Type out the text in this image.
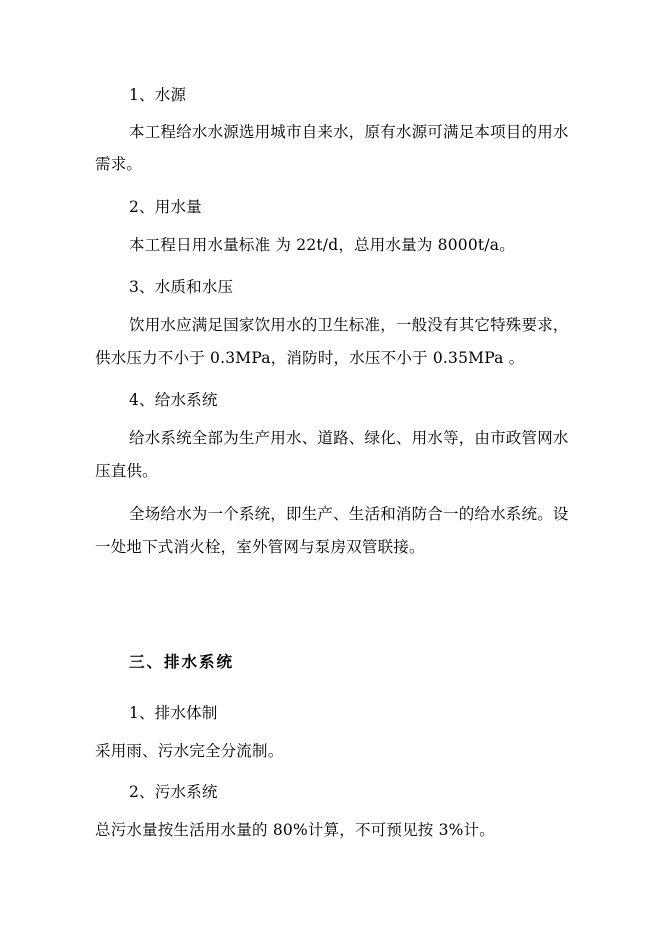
1、水源
本工程给水水源选用城市自来水，原有水源可满足本项目的用水
需求。
2、用水量
本工程日用水量标准 为 22t/d，总用水量为 8000t/a。
3、水质和水压
饮用水应满足国家饮用水的卫生标准，一般没有其它特殊要求，
供水压力不小于 0.3MPa，消防时，水压不小于 0.35MPa 。
4、给水系统
给水系统全部为生产用水、道路、绿化、用水等，由市政管网水
压直供。
全场给水为一个系统，即生产、生活和消防合一的给水系统。设
一处地下式消火栓，室外管网与泵房双管联接。
三、排水系统
1、排水体制
采用雨、污水完全分流制。
2、污水系统
总污水量按生活用水量的 80%计算，不可预见按 3%计。
